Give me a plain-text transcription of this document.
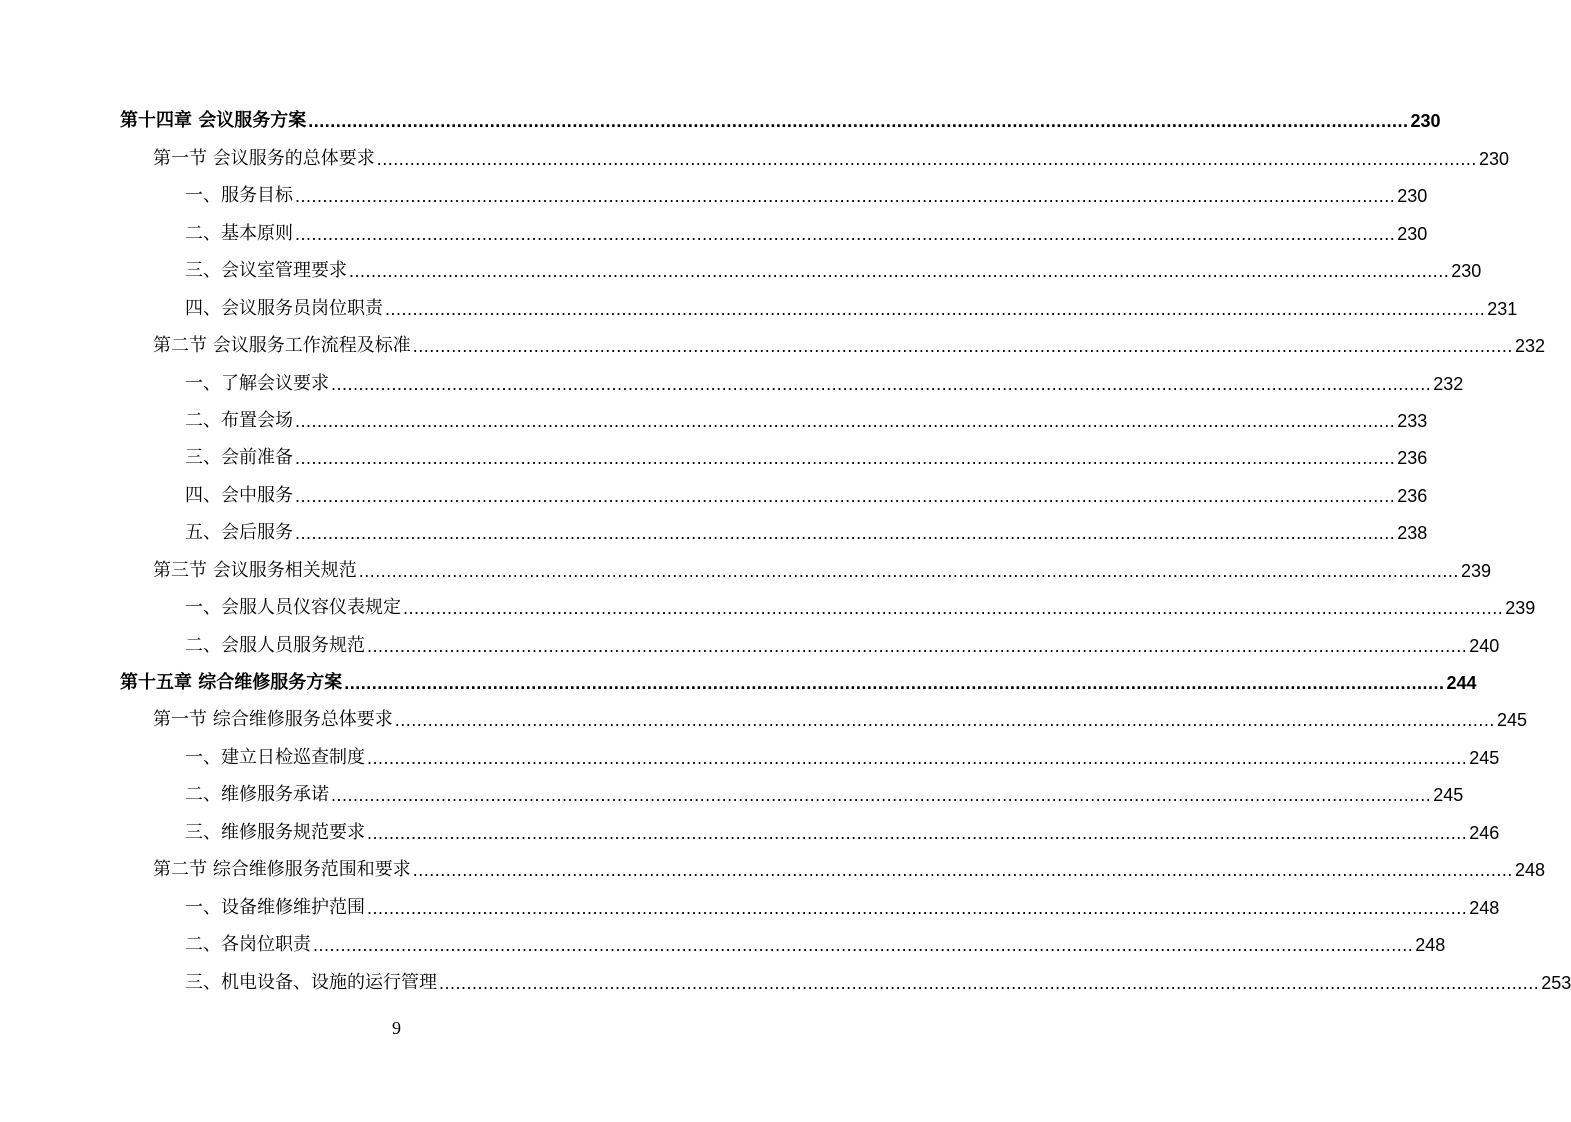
第十四章 会议服务方案 ........................................................................................................................................................................................................ 230
第一节 会议服务的总体要求 ........................................................................................................................................................................................................ 230
一、服务目标 ........................................................................................................................................................................................................ 230
二、基本原则 ........................................................................................................................................................................................................ 230
三、会议室管理要求 ........................................................................................................................................................................................................ 230
四、会议服务员岗位职责 ........................................................................................................................................................................................................ 231
第二节 会议服务工作流程及标准 ........................................................................................................................................................................................................ 232
一、了解会议要求 ........................................................................................................................................................................................................ 232
二、布置会场 ........................................................................................................................................................................................................ 233
三、会前准备 ........................................................................................................................................................................................................ 236
四、会中服务 ........................................................................................................................................................................................................ 236
五、会后服务 ........................................................................................................................................................................................................ 238
第三节 会议服务相关规范 ........................................................................................................................................................................................................ 239
一、会服人员仪容仪表规定 ........................................................................................................................................................................................................ 239
二、会服人员服务规范 ........................................................................................................................................................................................................ 240
第十五章 综合维修服务方案 ........................................................................................................................................................................................................ 244
第一节 综合维修服务总体要求 ........................................................................................................................................................................................................ 245
一、建立日检巡查制度 ........................................................................................................................................................................................................ 245
二、维修服务承诺 ........................................................................................................................................................................................................ 245
三、维修服务规范要求 ........................................................................................................................................................................................................ 246
第二节 综合维修服务范围和要求 ........................................................................................................................................................................................................ 248
一、设备维修维护范围 ........................................................................................................................................................................................................ 248
二、各岗位职责 ........................................................................................................................................................................................................ 248
三、机电设备、设施的运行管理 ........................................................................................................................................................................................................ 253
9
